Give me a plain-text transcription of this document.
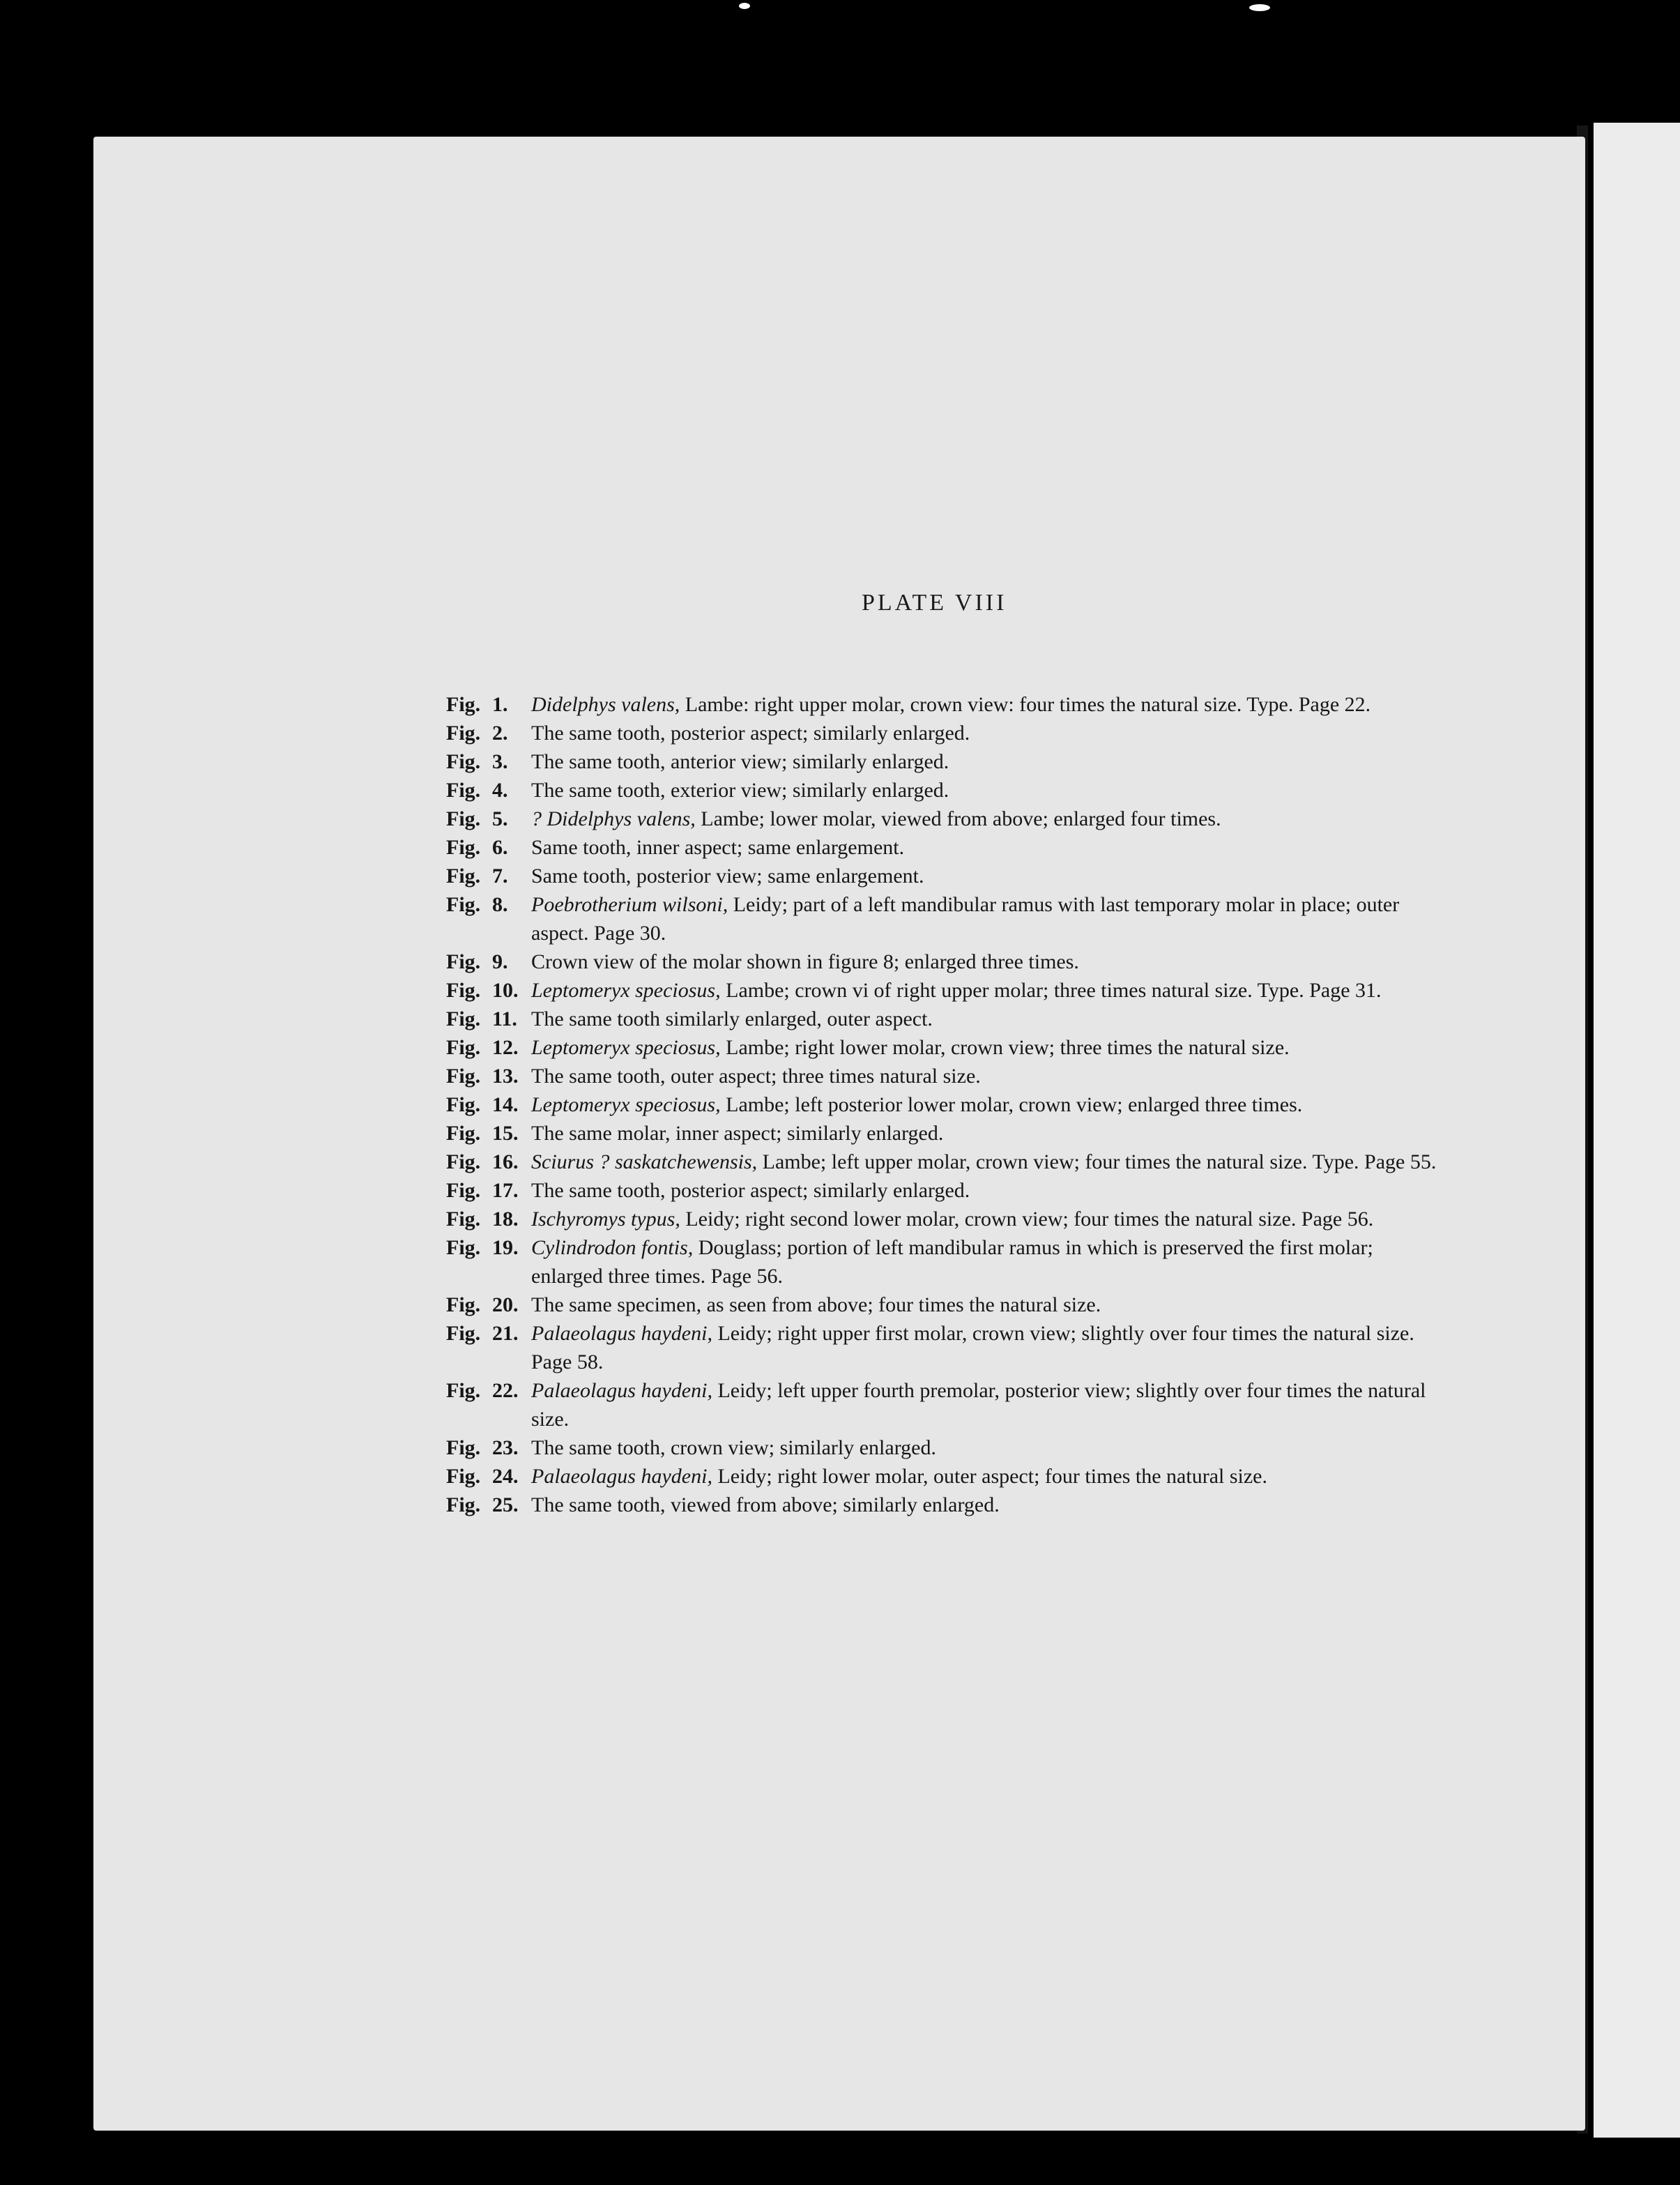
PLATE VIII
Fig. 1.	Didelphys valens, Lambe: right upper molar, crown view: four times the natural size. Type. Page 22.
Fig. 2.	The same tooth, posterior aspect; similarly enlarged.
Fig. 3.	The same tooth, anterior view; similarly enlarged.
Fig. 4.	The same tooth, exterior view; similarly enlarged.
Fig. 5.	? Didelphys valens, Lambe; lower molar, viewed from above; enlarged four times.
Fig. 6.	Same tooth, inner aspect; same enlargement.
Fig. 7.	Same tooth, posterior view; same enlargement.
Fig. 8.	Poebrotherium wilsoni, Leidy; part of a left mandibular ramus with last temporary molar in place; outer aspect. Page 30.
Fig. 9.	Crown view of the molar shown in figure 8; enlarged three times.
Fig. 10. Leptomeryx speciosus, Lambe; crown vi of right upper molar; three times natural size. Type. Page 31.
Fig. 11. The same tooth similarly enlarged, outer aspect.
Fig. 12. Leptomeryx speciosus, Lambe; right lower molar, crown view; three times the natural size.
Fig. 13. The same tooth, outer aspect; three times natural size.
Fig. 14. Leptomeryx speciosus, Lambe; left posterior lower molar, crown view; enlarged three times.
Fig. 15. The same molar, inner aspect; similarly enlarged.
Fig. 16. Sciurus ? saskatchewensis, Lambe; left upper molar, crown view; four times the natural size. Type. Page 55.
Fig. 17. The same tooth, posterior aspect; similarly enlarged.
Fig. 18. Ischyromys typus, Leidy; right second lower molar, crown view; four times the natural size. Page 56.
Fig. 19. Cylindrodon fontis, Douglass; portion of left mandibular ramus in which is preserved the first molar; enlarged three times. Page 56.
Fig. 20. The same specimen, as seen from above; four times the natural size.
Fig. 21. Palaeolagus haydeni, Leidy; right upper first molar, crown view; slightly over four times the natural size. Page 58.
Fig. 22. Palaeolagus haydeni, Leidy; left upper fourth premolar, posterior view; slightly over four times the natural size.
Fig. 23. The same tooth, crown view; similarly enlarged.
Fig. 24. Palaeolagus haydeni, Leidy; right lower molar, outer aspect; four times the natural size.
Fig. 25. The same tooth, viewed from above; similarly enlarged.
